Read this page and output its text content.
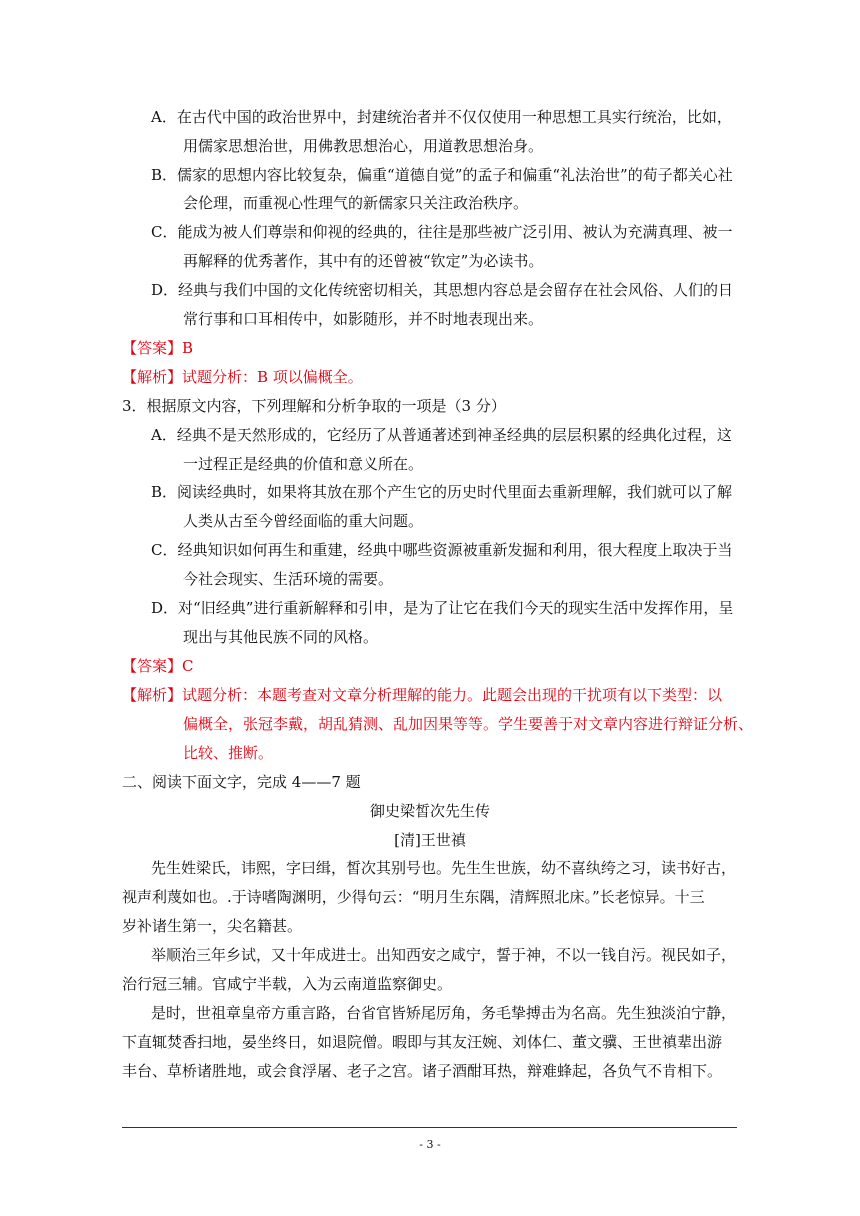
A．在古代中国的政治世界中，封建统治者并不仅仅使用一种思想工具实行统治，比如，
用儒家思想治世，用佛教思想治心，用道教思想治身。
B．儒家的思想内容比较复杂，偏重“道德自觉”的孟子和偏重“礼法治世”的荀子都关心社
会伦理，而重视心性理气的新儒家只关注政治秩序。
C．能成为被人们尊崇和仰视的经典的，往往是那些被广泛引用、被认为充满真理、被一
再解释的优秀著作，其中有的还曾被“钦定”为必读书。
D．经典与我们中国的文化传统密切相关，其思想内容总是会留存在社会风俗、人们的日
常行事和口耳相传中，如影随形，并不时地表现出来。
【答案】B
【解析】试题分析：B 项以偏概全。
3．根据原文内容，下列理解和分析争取的一项是（3 分）
A．经典不是天然形成的，它经历了从普通著述到神圣经典的层层积累的经典化过程，这
一过程正是经典的价值和意义所在。
B．阅读经典时，如果将其放在那个产生它的历史时代里面去重新理解，我们就可以了解
人类从古至今曾经面临的重大问题。
C．经典知识如何再生和重建，经典中哪些资源被重新发掘和利用，很大程度上取决于当
今社会现实、生活环境的需要。
D．对“旧经典”进行重新解释和引申，是为了让它在我们今天的现实生活中发挥作用，呈
现出与其他民族不同的风格。
【答案】C
【解析】试题分析：本题考查对文章分析理解的能力。此题会出现的干扰项有以下类型：以
偏概全，张冠李戴，胡乱猜测、乱加因果等等。学生要善于对文章内容进行辩证分析、
比较、推断。
二、阅读下面文字，完成 4——7 题
御史梁皙次先生传
[清]王世禛
先生姓梁氏，讳熙，字曰缉，皙次其别号也。先生生世族，幼不喜纨绔之习，读书好古，
视声利蔑如也。.于诗嗜陶渊明，少得句云：“明月生东隅，清辉照北床。”长老惊异。十三
岁补诸生第一，尖名籍甚。
举顺治三年乡试，又十年成进士。出知西安之咸宁，誓于神，不以一钱自污。视民如子，
治行冠三辅。官咸宁半载，入为云南道监察御史。
是时，世祖章皇帝方重言路，台省官皆矫尾厉角，务毛挚搏击为名高。先生独淡泊宁静，
下直辄焚香扫地，晏坐终日，如退院僧。暇即与其友汪婉、刘体仁、董文骥、王世禛辈出游
丰台、草桥诸胜地，或会食浮屠、老子之宫。诸子酒酣耳热，辩难蜂起，各负气不肯相下。
- 3 -
